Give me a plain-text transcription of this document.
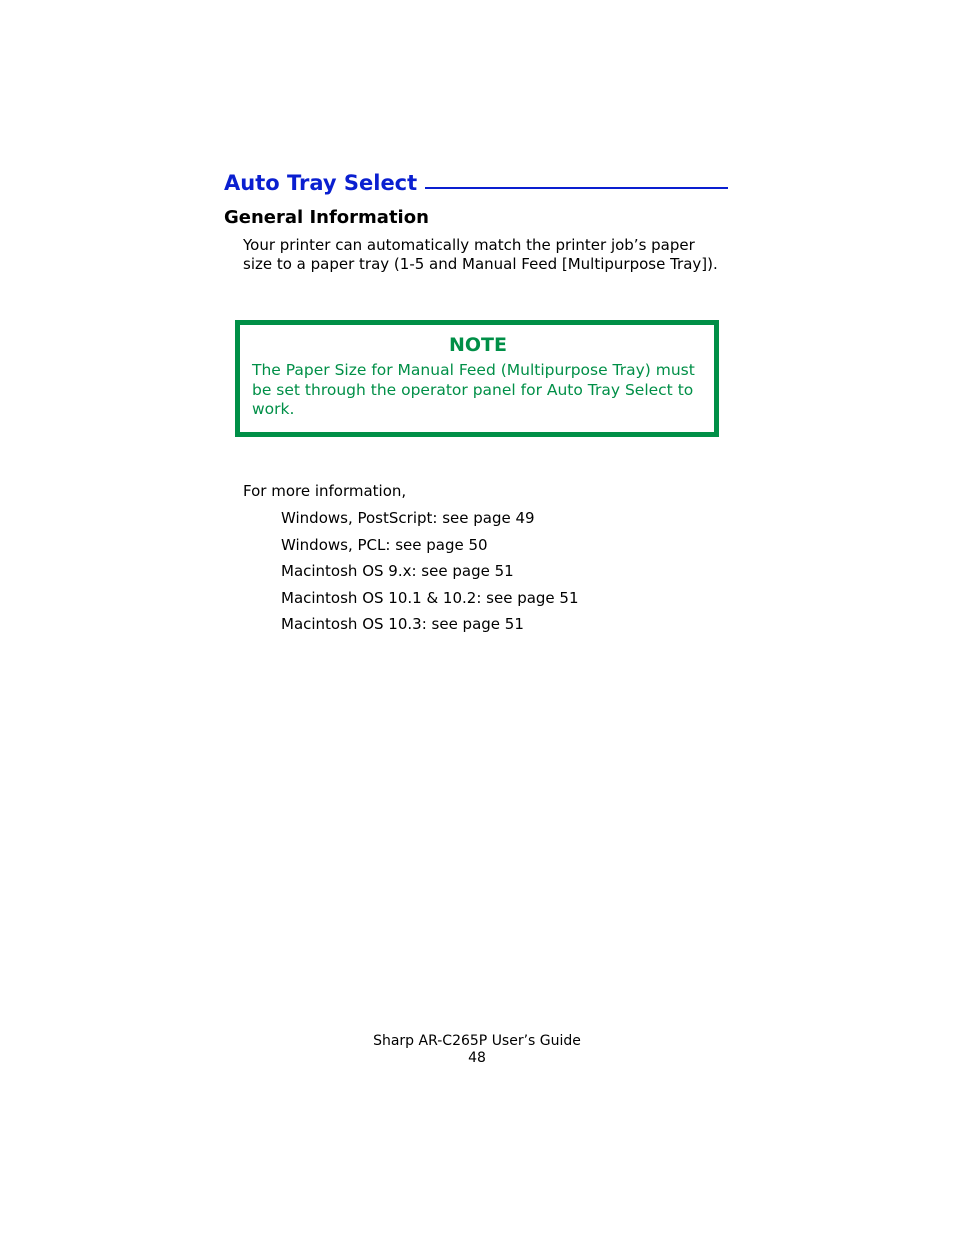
Auto Tray Select
General Information

Your printer can automatically match the printer job’s paper size to a paper tray (1-5 and Manual Feed [Multipurpose Tray]).

NOTE
The Paper Size for Manual Feed (Multipurpose Tray) must be set through the operator panel for Auto Tray Select to work.

For more information,

Windows, PostScript: see page 49
Windows, PCL: see page 50
Macintosh OS 9.x: see page 51
Macintosh OS 10.1 & 10.2: see page 51
Macintosh OS 10.3: see page 51
Sharp AR-C265P User’s Guide
48
